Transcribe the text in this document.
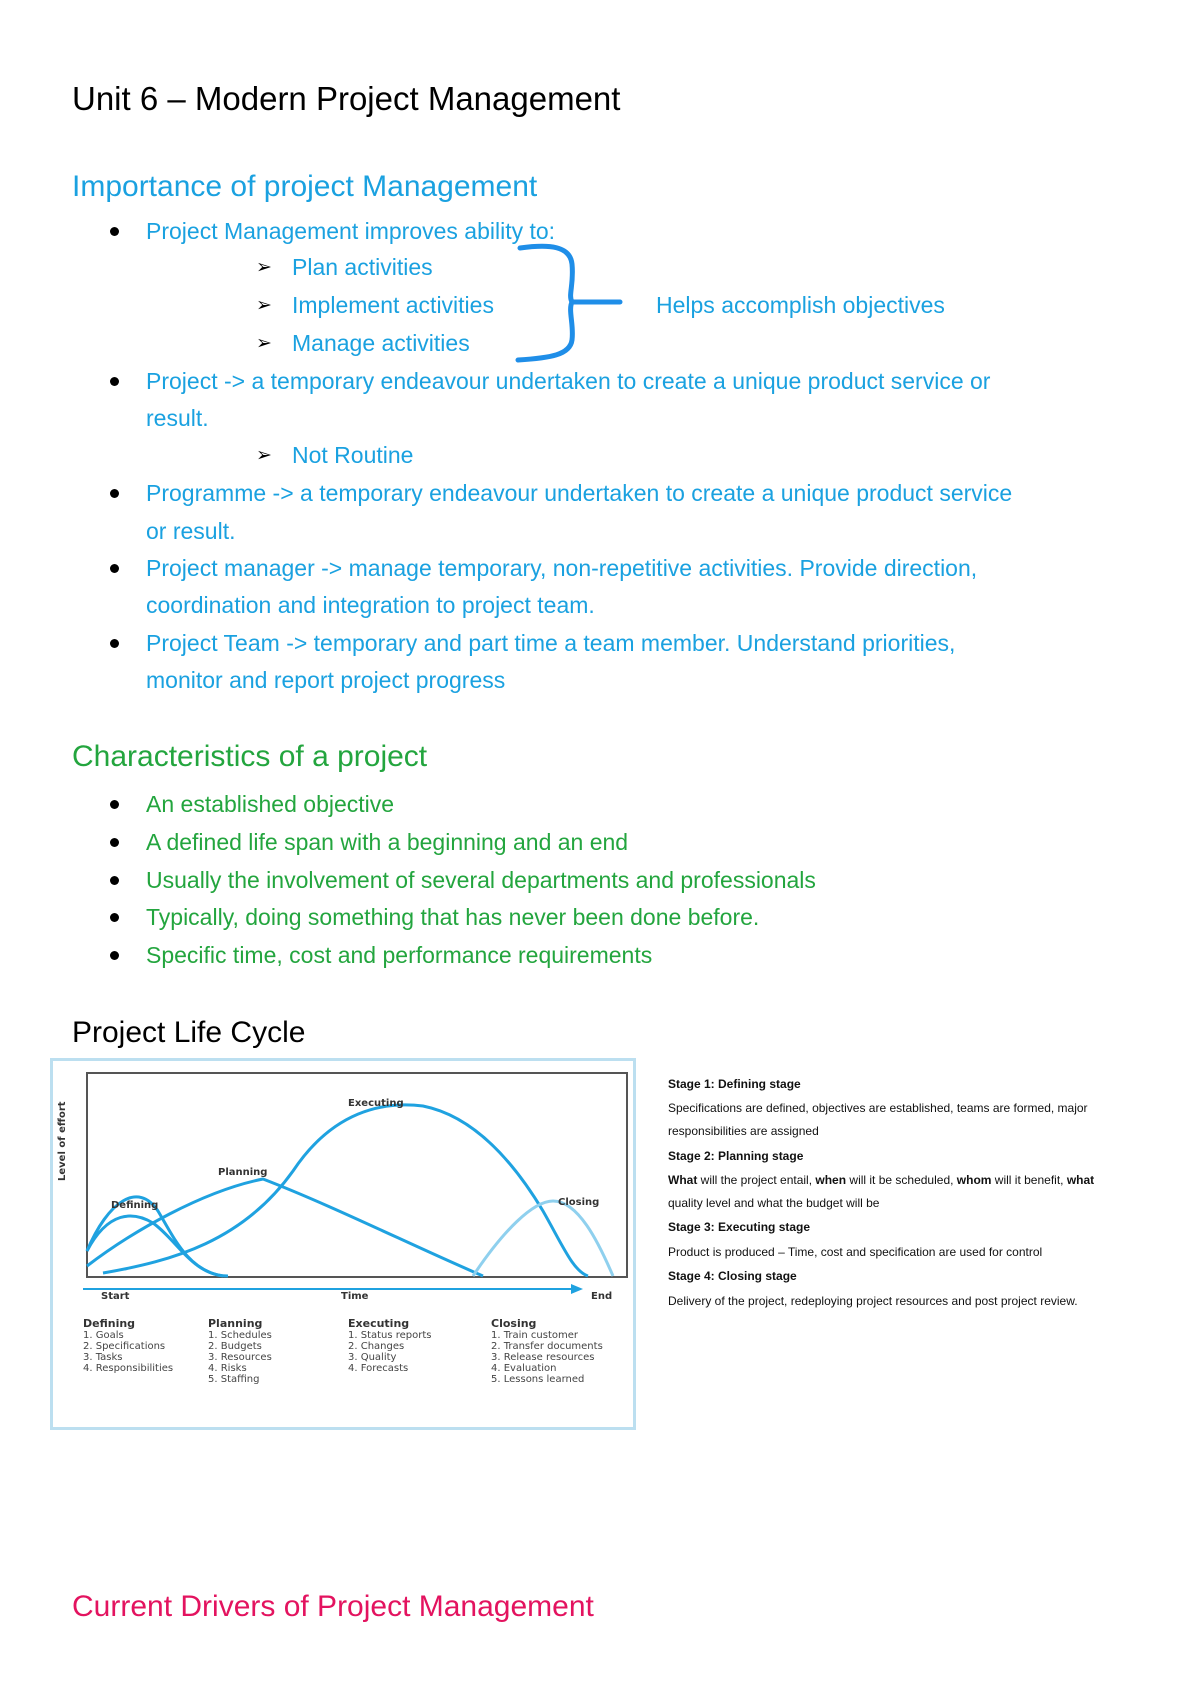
Unit 6 – Modern Project Management
Importance of project Management
Project Management improves ability to:
➢ Plan activities
➢ Implement activities
➢ Manage activities
Helps accomplish objectives
Project -> a temporary endeavour undertaken to create a unique product service or
result.
➢ Not Routine
Programme -> a temporary endeavour undertaken to create a unique product service
or result.
Project manager -> manage temporary, non-repetitive activities. Provide direction,
coordination and integration to project team.
Project Team -> temporary and part time a team member. Understand priorities,
monitor and report project progress
Characteristics of a project
An established objective
A defined life span with a beginning and an end
Usually the involvement of several departments and professionals
Typically, doing something that has never been done before.
Specific time, cost and performance requirements
Project Life Cycle
Level of effort
Defining
Planning
Executing
Closing
Start	Time	End
Defining
1. Goals
2. Specifications
3. Tasks
4. Responsibilities
Planning
1. Schedules
2. Budgets
3. Resources
4. Risks
5. Staffing
Executing
1. Status reports
2. Changes
3. Quality
4. Forecasts
Closing
1. Train customer
2. Transfer documents
3. Release resources
4. Evaluation
5. Lessons learned
Stage 1: Defining stage
Specifications are defined, objectives are established, teams are formed, major
responsibilities are assigned
Stage 2: Planning stage
What will the project entail, when will it be scheduled, whom will it benefit, what
quality level and what the budget will be
Stage 3: Executing stage
Product is produced – Time, cost and specification are used for control
Stage 4: Closing stage
Delivery of the project, redeploying project resources and post project review.
Current Drivers of Project Management
